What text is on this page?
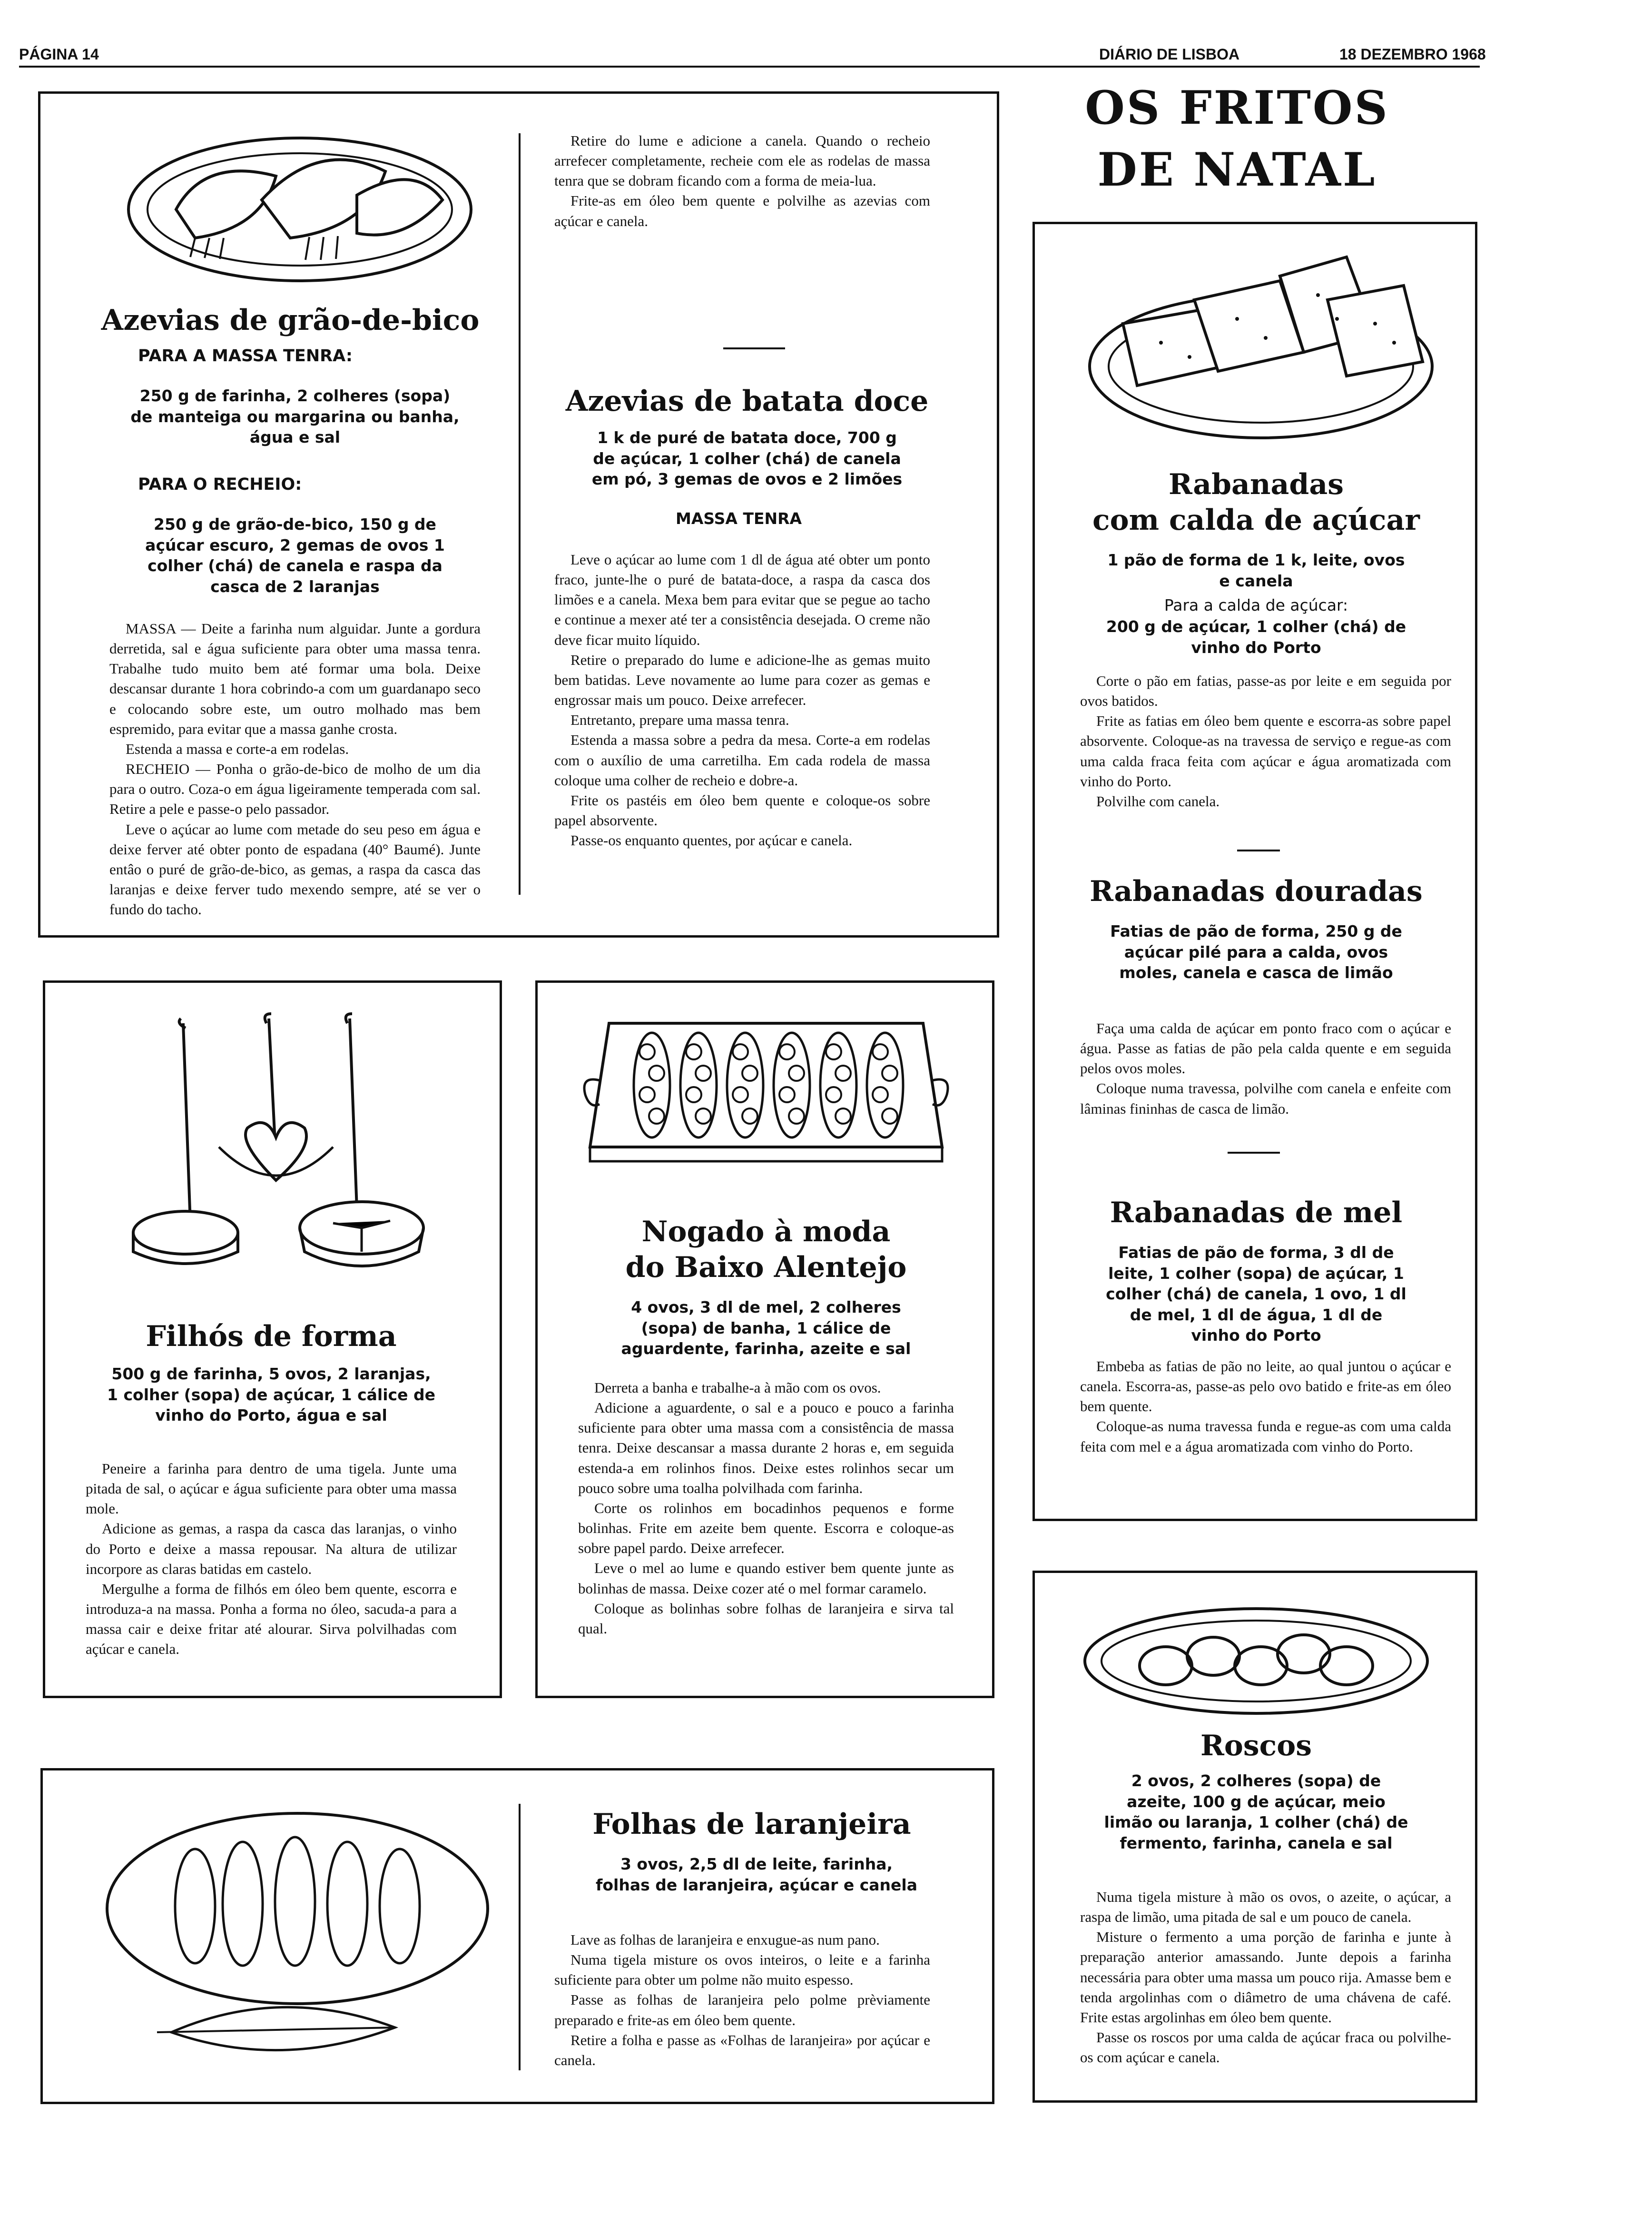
PÁGINA 14	DIÁRIO DE LISBOA	18 DEZEMBRO 1968
OS FRITOS
DE NATAL
Azevias de grão-de-bico
PARA A MASSA TENRA:
250 g de farinha, 2 colheres (sopa) de manteiga ou margarina ou banha, água e sal
PARA O RECHEIO:
250 g de grão-de-bico, 150 g de açúcar escuro, 2 gemas de ovos 1 colher (chá) de canela e raspa da casca de 2 laranjas

MASSA — Deite a farinha num alguidar. Junte a gordura derretida, sal e água suficiente para obter uma massa tenra. Trabalhe tudo muito bem até formar uma bola. Deixe descansar durante 1 hora cobrindo-a com um guardanapo seco e colocando sobre este, um outro molhado mas bem espremido, para evitar que a massa ganhe crosta.

Estenda a massa e corte-a em rodelas.

RECHEIO — Ponha o grão-de-bico de molho de um dia para o outro. Coza-o em água ligeiramente temperada com sal. Retire a pele e passe-o pelo passador.

Leve o açúcar ao lume com metade do seu peso em água e deixe ferver até obter ponto de espadana (40° Baumé). Junte entâo o puré de grão-de-bico, as gemas, a raspa da casca das laranjas e deixe ferver tudo mexendo sempre, até se ver o fundo do tacho.

Retire do lume e adicione a canela. Quando o recheio arrefecer completamente, recheie com ele as rodelas de massa tenra que se dobram ficando com a forma de meia-lua.

Frite-as em óleo bem quente e polvilhe as azevias com açúcar e canela.

Azevias de batata doce
1 k de puré de batata doce, 700 g de açúcar, 1 colher (chá) de canela em pó, 3 gemas de ovos e 2 limões
MASSA TENRA

Leve o açúcar ao lume com 1 dl de água até obter um ponto fraco, junte-lhe o puré de batata-doce, a raspa da casca dos limões e a canela. Mexa bem para evitar que se pegue ao tacho e continue a mexer até ter a consistência desejada. O creme não deve ficar muito líquido.

Retire o preparado do lume e adicione-lhe as gemas muito bem batidas. Leve novamente ao lume para cozer as gemas e engrossar mais um pouco. Deixe arrefecer.

Entretanto, prepare uma massa tenra.

Estenda a massa sobre a pedra da mesa. Corte-a em rodelas com o auxílio de uma carretilha. Em cada rodela de massa coloque uma colher de recheio e dobre-a.

Frite os pastéis em óleo bem quente e coloque-os sobre papel absorvente.

Passe-os enquanto quentes, por açúcar e canela.

Rabanadas
com calda de açúcar
1 pão de forma de 1 k, leite, ovos e canela
Para a calda de açúcar:
200 g de açúcar, 1 colher (chá) de vinho do Porto

Corte o pão em fatias, passe-as por leite e em seguida por ovos batidos.

Frite as fatias em óleo bem quente e escorra-as sobre papel absorvente. Coloque-as na travessa de serviço e regue-as com uma calda fraca feita com açúcar e água aromatizada com vinho do Porto.

Polvilhe com canela.

Rabanadas douradas
Fatias de pão de forma, 250 g de açúcar pilé para a calda, ovos moles, canela e casca de limão

Faça uma calda de açúcar em ponto fraco com o açúcar e água. Passe as fatias de pão pela calda quente e em seguida pelos ovos moles.

Coloque numa travessa, polvilhe com canela e enfeite com lâminas fininhas de casca de limão.

Rabanadas de mel
Fatias de pão de forma, 3 dl de leite, 1 colher (sopa) de açúcar, 1 colher (chá) de canela, 1 ovo, 1 dl de mel, 1 dl de água, 1 dl de vinho do Porto

Embeba as fatias de pão no leite, ao qual juntou o açúcar e canela. Escorra-as, passe-as pelo ovo batido e frite-as em óleo bem quente.

Coloque-as numa travessa funda e regue-as com uma calda feita com mel e a água aromatizada com vinho do Porto.

Filhós de forma
500 g de farinha, 5 ovos, 2 laranjas, 1 colher (sopa) de açúcar, 1 cálice de vinho do Porto, água e sal

Peneire a farinha para dentro de uma tigela. Junte uma pitada de sal, o açúcar e água suficiente para obter uma massa mole.

Adicione as gemas, a raspa da casca das laranjas, o vinho do Porto e deixe a massa repousar. Na altura de utilizar incorpore as claras batidas em castelo.

Mergulhe a forma de filhós em óleo bem quente, escorra e introduza-a na massa. Ponha a forma no óleo, sacuda-a para a massa cair e deixe fritar até alourar. Sirva polvilhadas com açúcar e canela.

Nogado à moda
do Baixo Alentejo
4 ovos, 3 dl de mel, 2 colheres (sopa) de banha, 1 cálice de aguardente, farinha, azeite e sal

Derreta a banha e trabalhe-a à mão com os ovos.

Adicione a aguardente, o sal e a pouco e pouco a farinha suficiente para obter uma massa com a consistência de massa tenra. Deixe descansar a massa durante 2 horas e, em seguida estenda-a em rolinhos finos. Deixe estes rolinhos secar um pouco sobre uma toalha polvilhada com farinha.

Corte os rolinhos em bocadinhos pequenos e forme bolinhas. Frite em azeite bem quente. Escorra e coloque-as sobre papel pardo. Deixe arrefecer.

Leve o mel ao lume e quando estiver bem quente junte as bolinhas de massa. Deixe cozer até o mel formar caramelo.

Coloque as bolinhas sobre folhas de laranjeira e sirva tal qual.

Folhas de laranjeira
3 ovos, 2,5 dl de leite, farinha, folhas de laranjeira, açúcar e canela

Lave as folhas de laranjeira e enxugue-as num pano.

Numa tigela misture os ovos inteiros, o leite e a farinha suficiente para obter um polme não muito espesso.

Passe as folhas de laranjeira pelo polme prèviamente preparado e frite-as em óleo bem quente.

Retire a folha e passe as «Folhas de laranjeira» por açúcar e canela.

Roscos
2 ovos, 2 colheres (sopa) de azeite, 100 g de açúcar, meio limão ou laranja, 1 colher (chá) de fermento, farinha, canela e sal

Numa tigela misture à mão os ovos, o azeite, o açúcar, a raspa de limão, uma pitada de sal e um pouco de canela.

Misture o fermento a uma porção de farinha e junte à preparação anterior amassando. Junte depois a farinha necessária para obter uma massa um pouco rija. Amasse bem e tenda argolinhas com o diâmetro de uma chávena de café. Frite estas argolinhas em óleo bem quente.

Passe os roscos por uma calda de açúcar fraca ou polvilhe-os com açúcar e canela.
